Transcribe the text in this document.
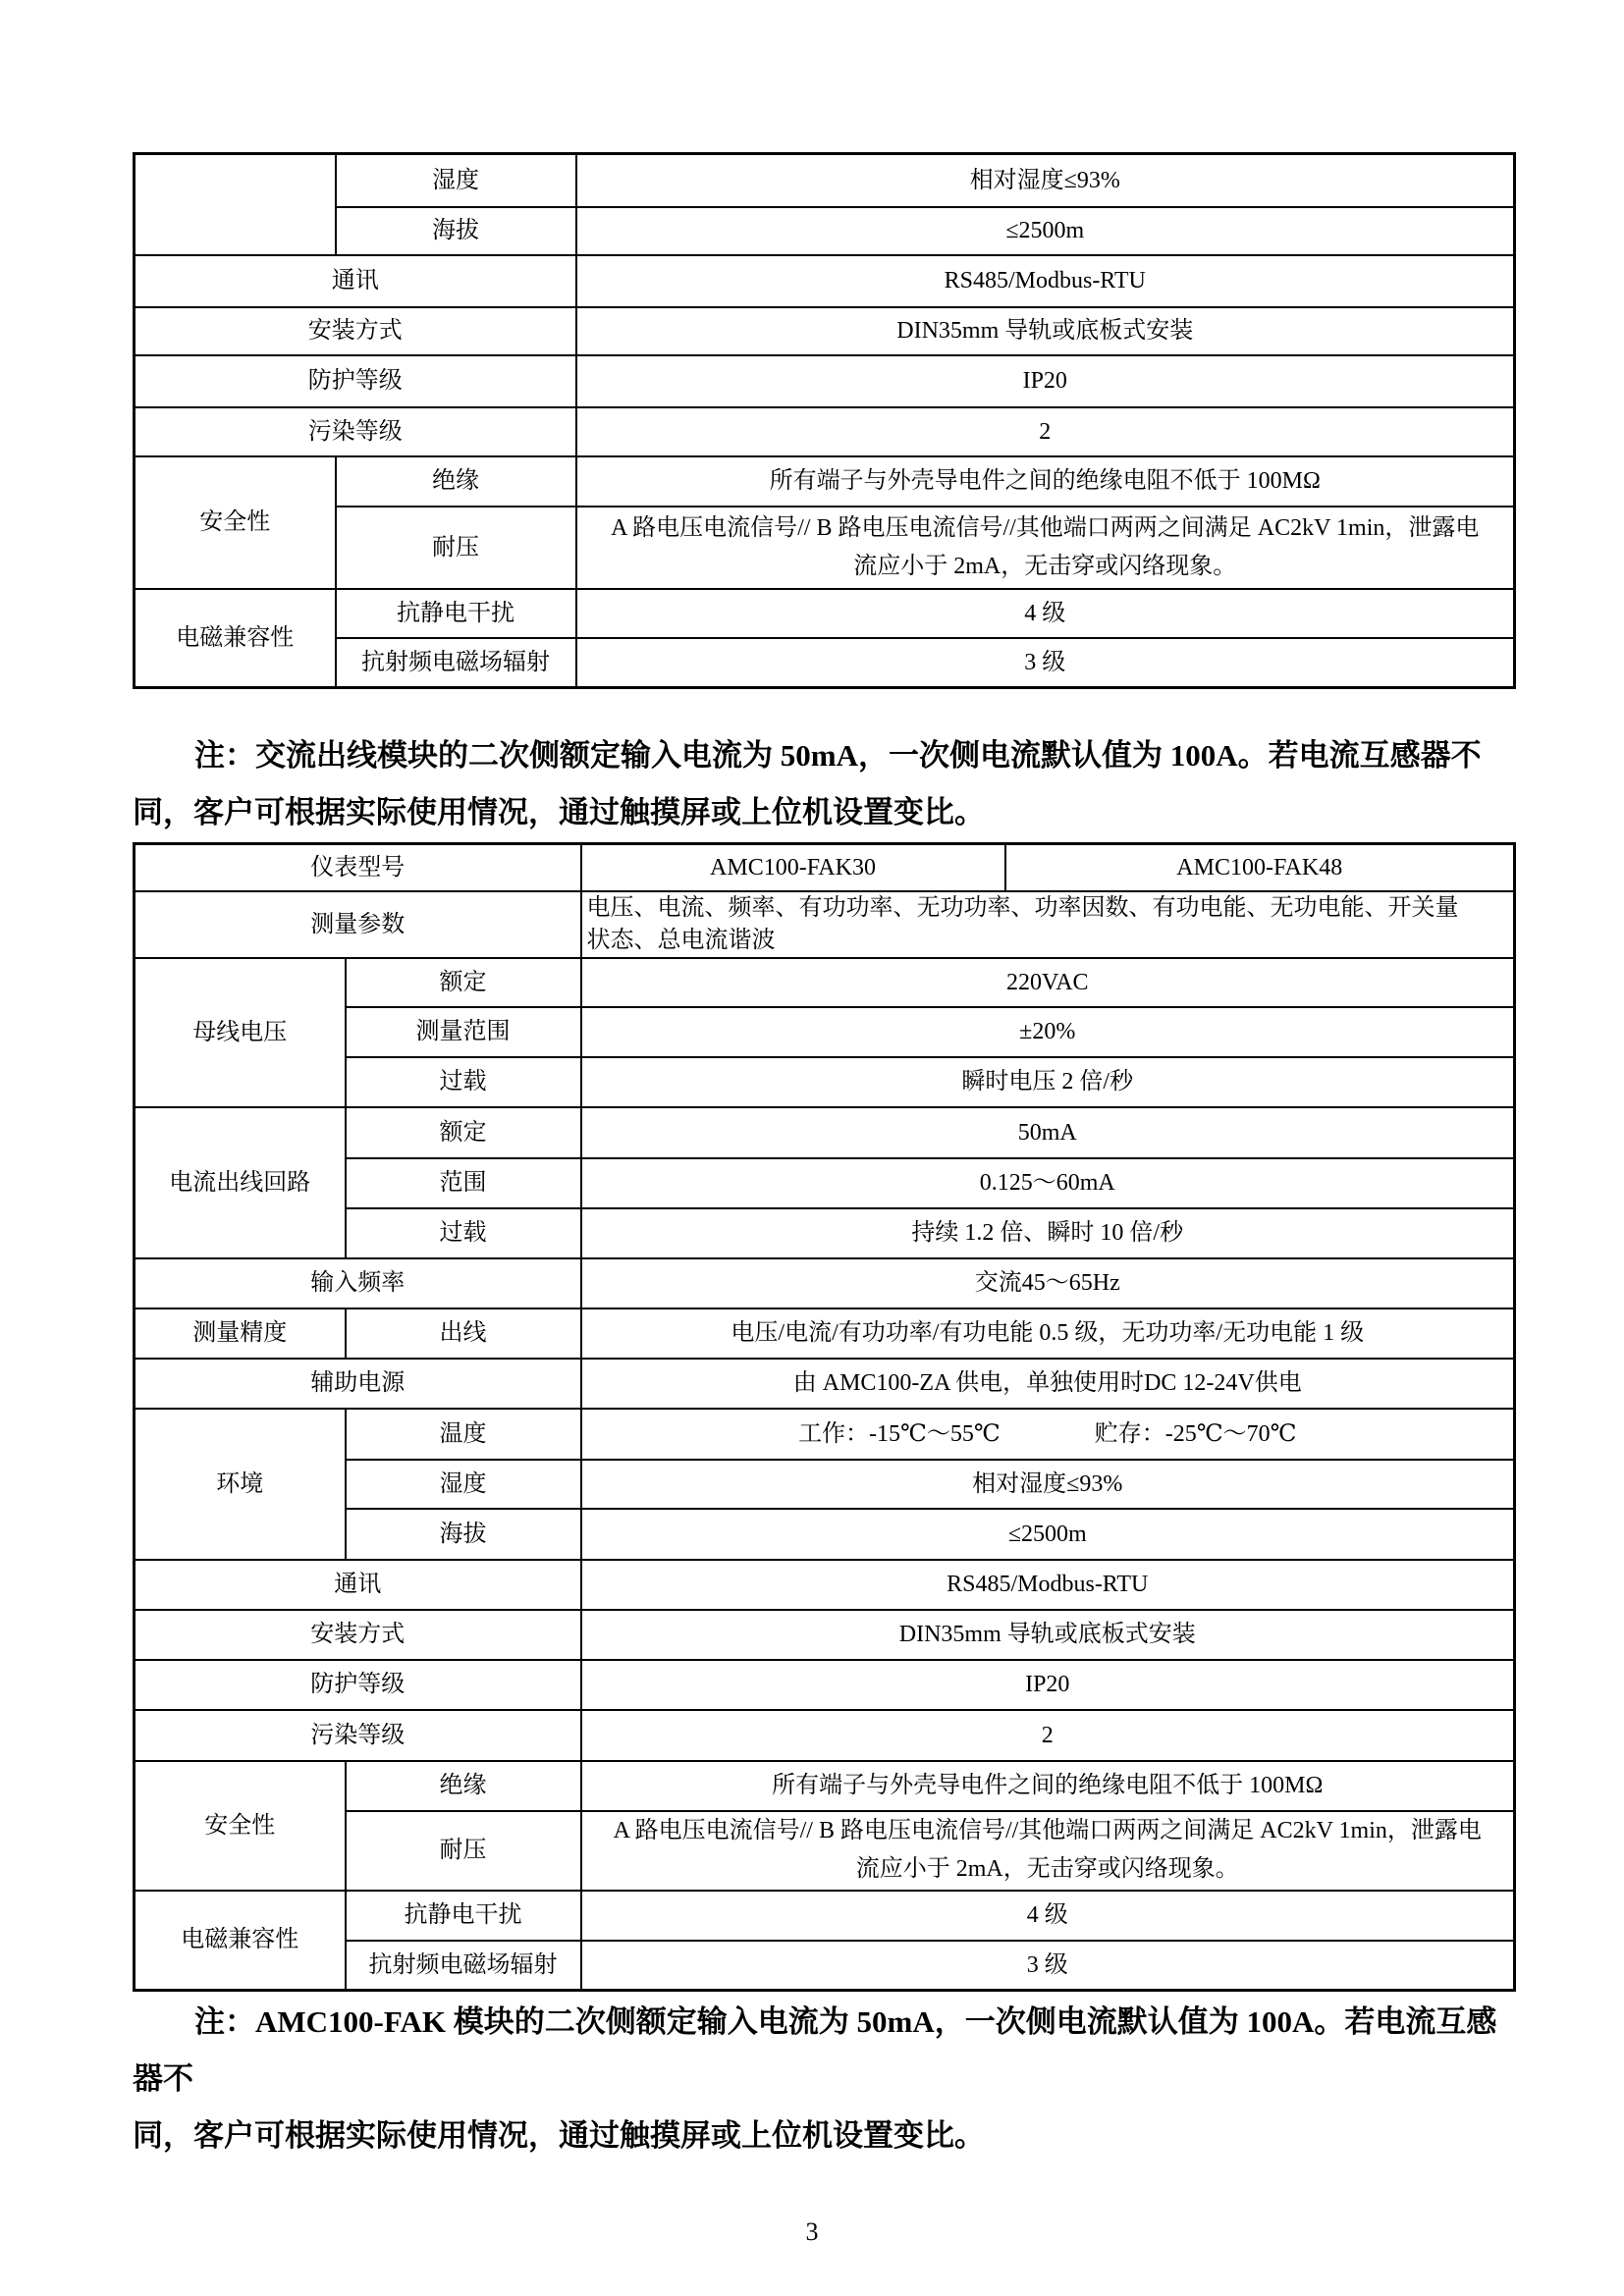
	湿度	相对湿度≤93%
	海拔	≤2500m
通讯		RS485/Modbus-RTU
安装方式		DIN35mm 导轨或底板式安装
防护等级		IP20
污染等级		2
安全性	绝缘	所有端子与外壳导电件之间的绝缘电阻不低于 100MΩ
	耐压	A 路电压电流信号// B 路电压电流信号//其他端口两两之间满足 AC2kV 1min，泄露电流应小于 2mA，无击穿或闪络现象。

电磁兼容性	抗静电干扰	4 级
	抗射频电磁场辐射	3 级
注：交流出线模块的二次侧额定输入电流为 50mA，一次侧电流默认值为 100A。若电流互感器不
同，客户可根据实际使用情况，通过触摸屏或上位机设置变比。
仪表型号		AMC100-FAK30	AMC100-FAK48
测量参数		电压、电流、频率、有功功率、无功功率、功率因数、有功电能、无功电能、开关量状态、总电流谐波	

母线电压	额定	220VAC	
	测量范围	±20%	
	过载	瞬时电压 2 倍/秒	
电流出线回路	额定	50mA	
	范围	0.125～60mA	
	过载	持续 1.2 倍、瞬时 10 倍/秒	
输入频率		交流45～65Hz	
测量精度	出线	电压/电流/有功功率/有功电能 0.5 级，无功功率/无功电能 1 级	
辅助电源		由 AMC100-ZA 供电，单独使用时DC 12-24V供电	
环境	温度	工作：-15℃～55℃　　　　贮存：-25℃～70℃	
	湿度	相对湿度≤93%	
	海拔	≤2500m	
通讯		RS485/Modbus-RTU	
安装方式		DIN35mm 导轨或底板式安装	
防护等级		IP20	
污染等级		2	
安全性	绝缘	所有端子与外壳导电件之间的绝缘电阻不低于 100MΩ	
	耐压	A 路电压电流信号// B 路电压电流信号//其他端口两两之间满足 AC2kV 1min，泄露电流应小于 2mA，无击穿或闪络现象。	

电磁兼容性	抗静电干扰	4 级	
	抗射频电磁场辐射	3 级	
注：AMC100-FAK 模块的二次侧额定输入电流为 50mA，一次侧电流默认值为 100A。若电流互感器不
同，客户可根据实际使用情况，通过触摸屏或上位机设置变比。
3
